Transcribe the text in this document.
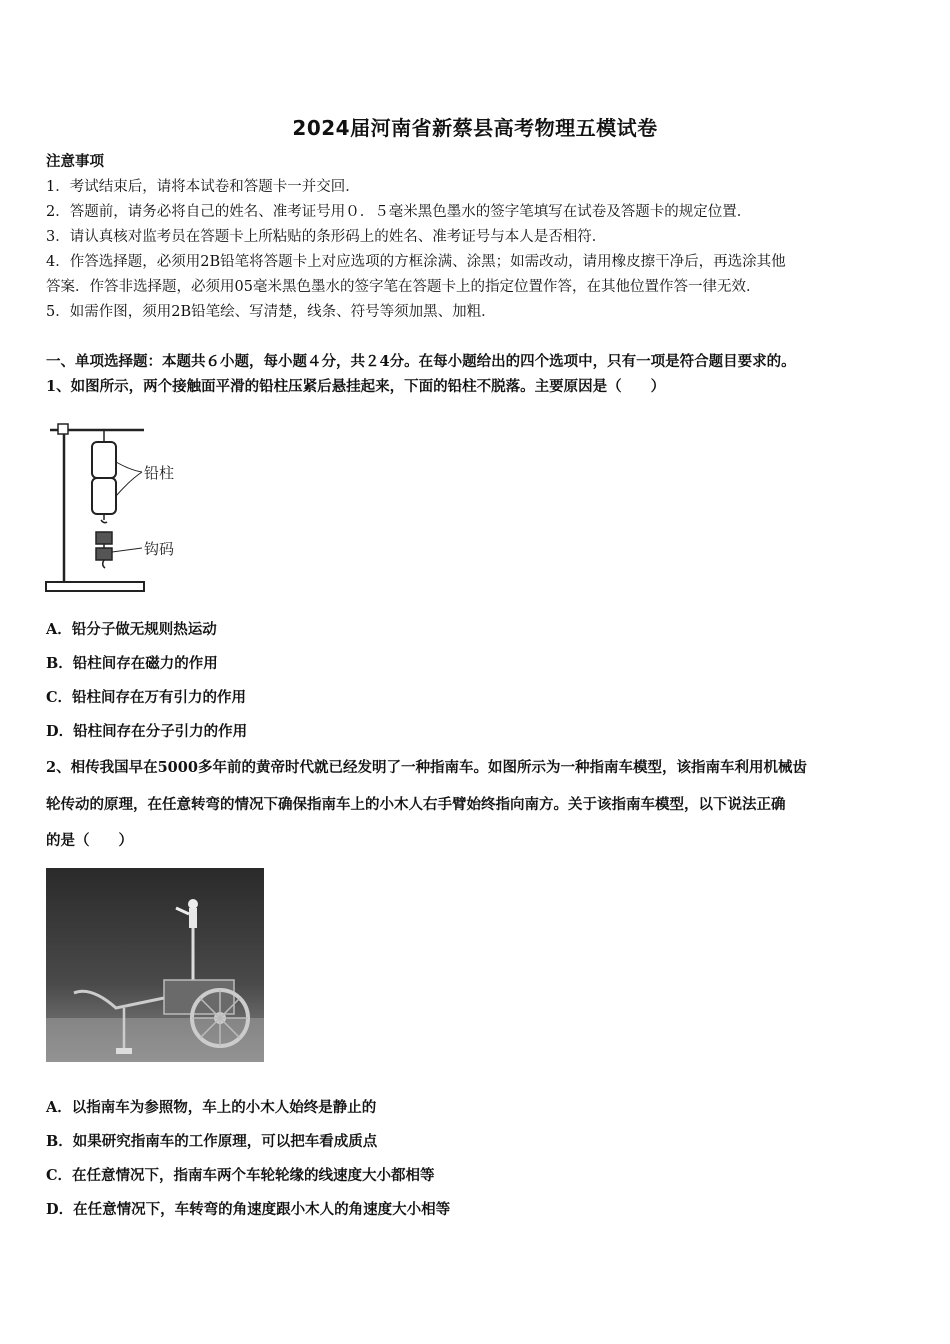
2024届河南省新蔡县高考物理五模试卷
注意事项
1．考试结束后，请将本试卷和答题卡一并交回．
2．答题前，请务必将自己的姓名、准考证号用０．５毫米黑色墨水的签字笔填写在试卷及答题卡的规定位置．
3．请认真核对监考员在答题卡上所粘贴的条形码上的姓名、准考证号与本人是否相符．
4．作答选择题，必须用2B铅笔将答题卡上对应选项的方框涂满、涂黑；如需改动，请用橡皮擦干净后，再选涂其他
答案．作答非选择题，必须用05毫米黑色墨水的签字笔在答题卡上的指定位置作答，在其他位置作答一律无效．
5．如需作图，须用2B铅笔绘、写清楚，线条、符号等须加黑、加粗．
一、单项选择题：本题共６小题，每小题４分，共２4分。在每小题给出的四个选项中，只有一项是符合题目要求的。
1、如图所示，两个接触面平滑的铅柱压紧后悬挂起来，下面的铅柱不脱落。主要原因是（　　）
铅柱
钩码
A．铅分子做无规则热运动
B．铅柱间存在磁力的作用
C．铅柱间存在万有引力的作用
D．铅柱间存在分子引力的作用
2、相传我国早在5000多年前的黄帝时代就已经发明了一种指南车。如图所示为一种指南车模型，该指南车利用机械齿
轮传动的原理，在任意转弯的情况下确保指南车上的小木人右手臂始终指向南方。关于该指南车模型，以下说法正确
的是（　　）
A．以指南车为参照物，车上的小木人始终是静止的
B．如果研究指南车的工作原理，可以把车看成质点
C．在任意情况下，指南车两个车轮轮缘的线速度大小都相等
D．在任意情况下，车转弯的角速度跟小木人的角速度大小相等
